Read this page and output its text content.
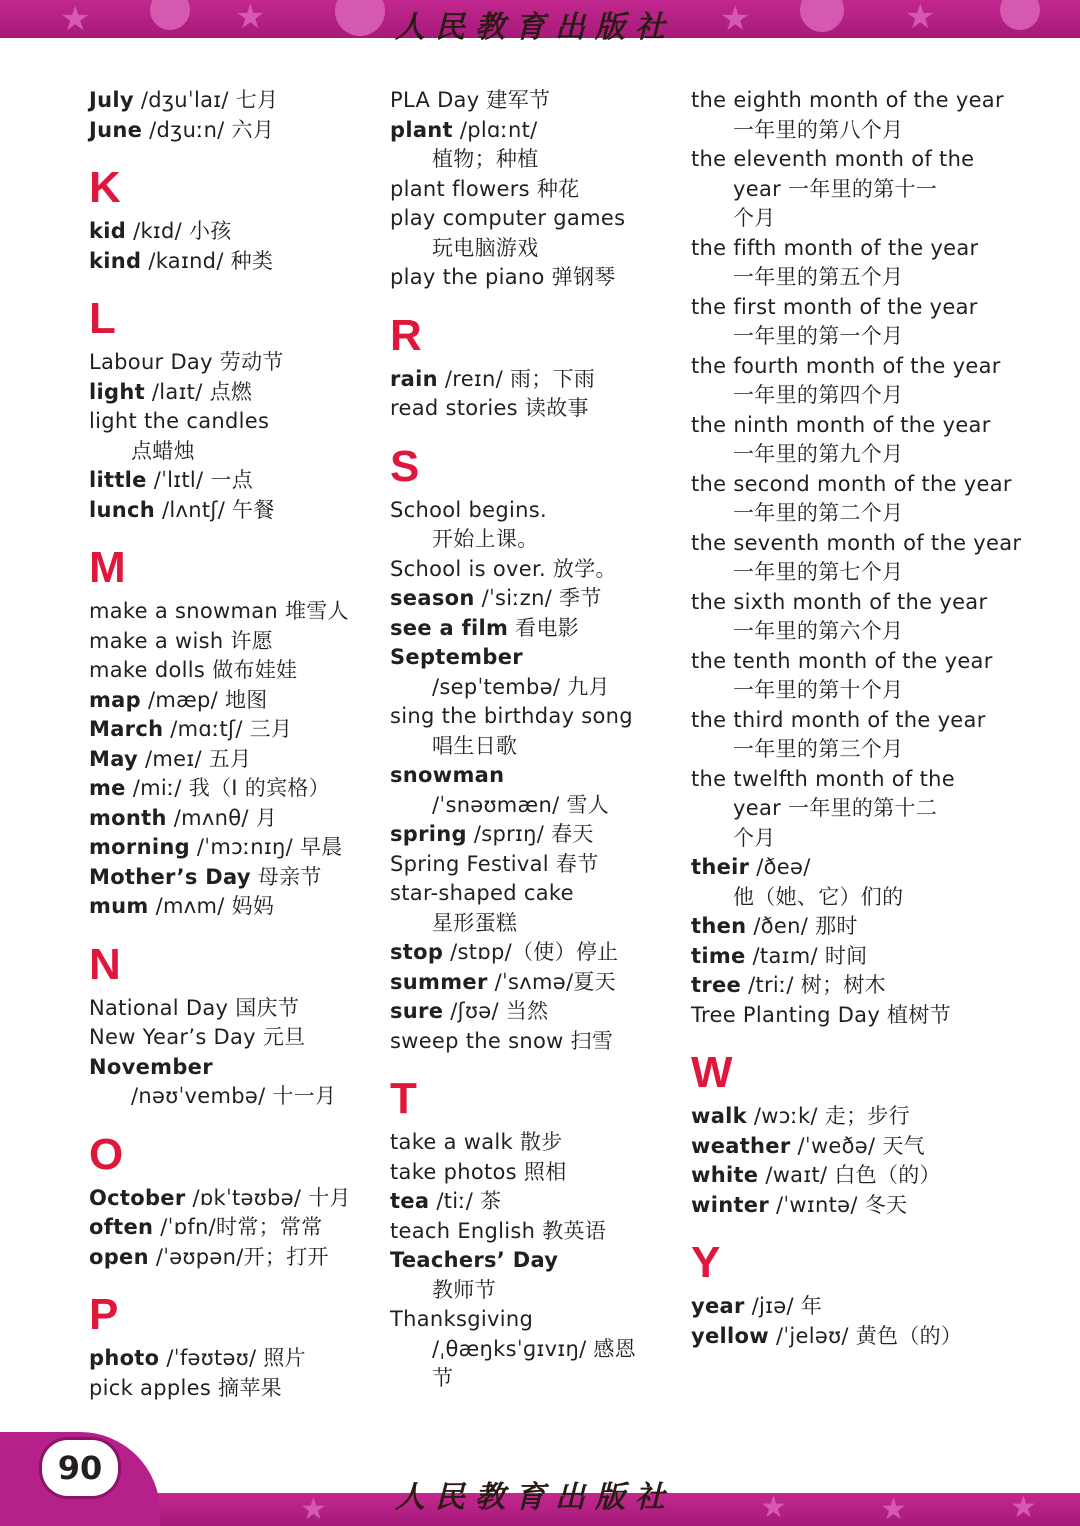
★	★	★	★
人民教育出版社
July /dʒuˈlaɪ/ 七月
June /dʒuːn/ 六月
K
kid /kɪd/ 小孩
kind /kaɪnd/ 种类
L
Labour Day 劳动节
light /laɪt/ 点燃
light the candles
点蜡烛
little /ˈlɪtl/ 一点
lunch /lʌntʃ/ 午餐
M
make a snowman 堆雪人
make a wish 许愿
make dolls 做布娃娃
map /mæp/ 地图
March /mɑːtʃ/ 三月
May /meɪ/ 五月
me /miː/ 我（I 的宾格）
month /mʌnθ/ 月
morning /ˈmɔːnɪŋ/ 早晨
Mother’s Day 母亲节
mum /mʌm/ 妈妈
N
National Day 国庆节
New Year’s Day 元旦
November
/nəʊˈvembə/ 十一月
O
October /ɒkˈtəʊbə/ 十月
often /ˈɒfn/时常；常常
open /ˈəʊpən/开；打开
P
photo /ˈfəʊtəʊ/ 照片
pick apples 摘苹果
PLA Day 建军节
plant /plɑːnt/
植物；种植
plant flowers 种花
play computer games
玩电脑游戏
play the piano 弹钢琴
R
rain /reɪn/ 雨；下雨
read stories 读故事
S
School begins.
开始上课。
School is over. 放学。
season /ˈsiːzn/ 季节
see a film 看电影
September
/sepˈtembə/ 九月
sing the birthday song
唱生日歌
snowman
/ˈsnəʊmæn/ 雪人
spring /sprɪŋ/ 春天
Spring Festival 春节
star-shaped cake
星形蛋糕
stop /stɒp/（使）停止
summer /ˈsʌmə/夏天
sure /ʃʊə/ 当然
sweep the snow 扫雪
T
take a walk 散步
take photos 照相
tea /tiː/ 茶
teach English 教英语
Teachers’ Day
教师节
Thanksgiving
/ˌθæŋksˈɡɪvɪŋ/ 感恩
节
the eighth month of the year
一年里的第八个月
the eleventh month of the
year 一年里的第十一
个月
the fifth month of the year
一年里的第五个月
the first month of the year
一年里的第一个月
the fourth month of the year
一年里的第四个月
the ninth month of the year
一年里的第九个月
the second month of the year
一年里的第二个月
the seventh month of the year
一年里的第七个月
the sixth month of the year
一年里的第六个月
the tenth month of the year
一年里的第十个月
the third month of the year
一年里的第三个月
the twelfth month of the
year 一年里的第十二
个月
their /ðeə/
他（她、它）们的
then /ðen/ 那时
time /taɪm/ 时间
tree /triː/ 树；树木
Tree Planting Day 植树节
W
walk /wɔːk/ 走；步行
weather /ˈweðə/ 天气
white /waɪt/ 白色（的）
winter /ˈwɪntə/ 冬天
Y
year /jɪə/ 年
yellow /ˈjeləʊ/ 黄色（的）
★	★	★	★
90
人民教育出版社
